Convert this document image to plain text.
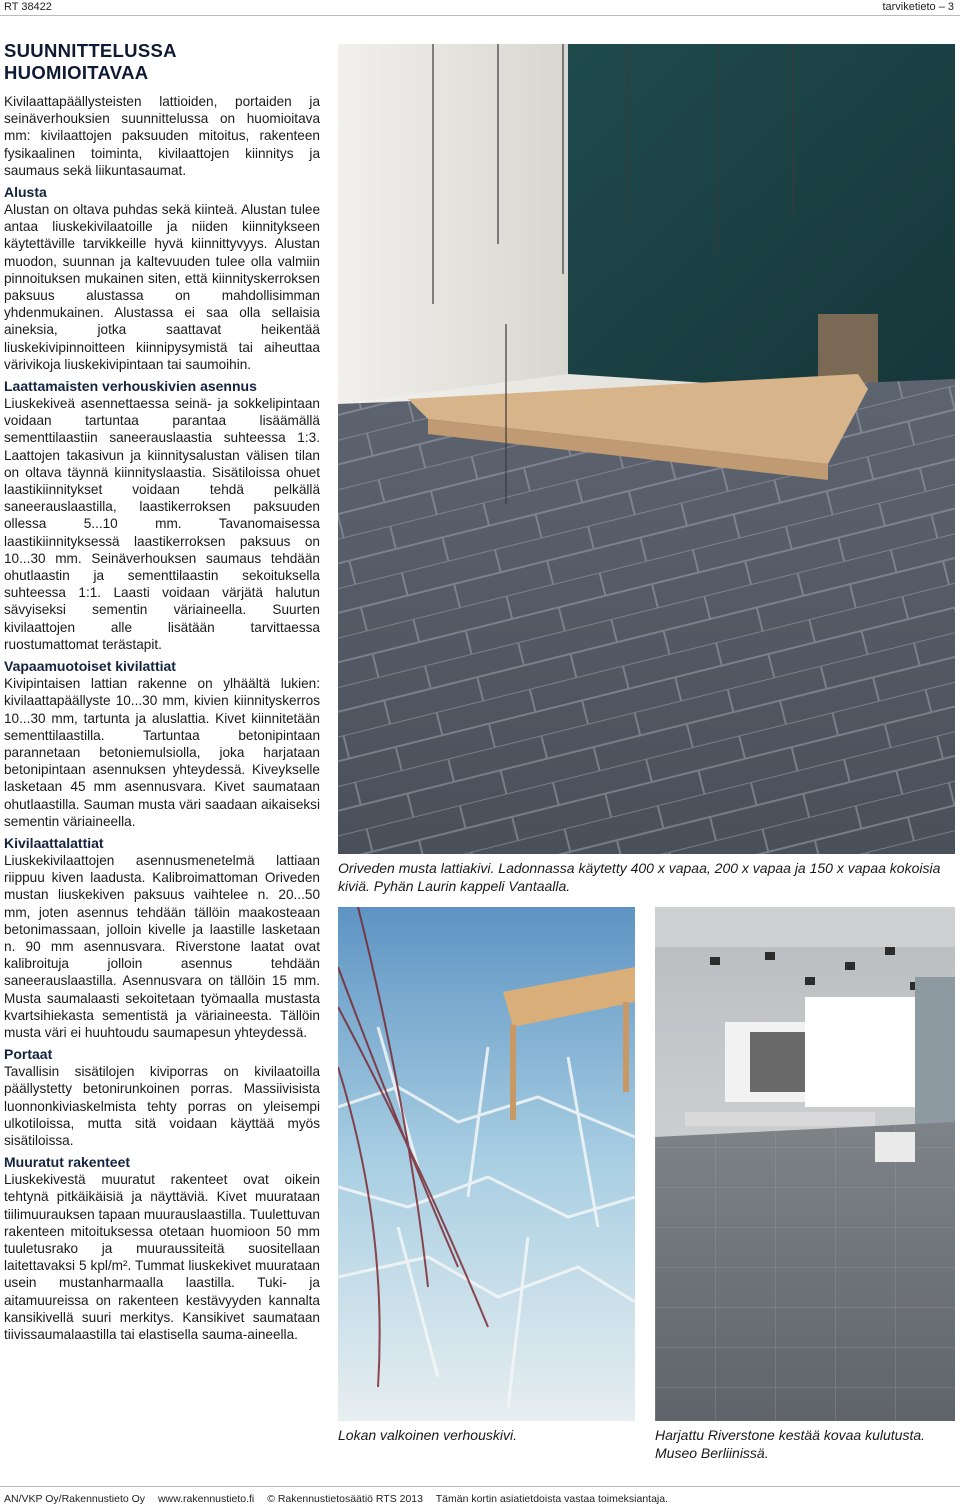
RT 38422	tarviketieto – 3
SUUNNITTELUSSA HUOMIOITAVAA

Kivilaattapäällysteisten lattioiden, portaiden ja seinäverhouksien suunnittelussa on huomioitava mm: kivilaattojen paksuuden mitoitus, rakenteen fysikaalinen toiminta, kivilaattojen kiinnitys ja saumaus sekä liikuntasaumat.

Alusta

Alustan on oltava puhdas sekä kiinteä. Alustan tulee antaa liuskekivilaatoille ja niiden kiinnitykseen käytettäville tarvikkeille hyvä kiinnittyvyys. Alustan muodon, suunnan ja kaltevuuden tulee olla valmiin pinnoituksen mukainen siten, että kiinnityskerroksen paksuus alustassa on mahdollisimman yhdenmukainen. Alustassa ei saa olla sellaisia aineksia, jotka saattavat heikentää liuskekivipinnoitteen kiinnipysymistä tai aiheuttaa värivikoja liuskekivipintaan tai saumoihin.

Laattamaisten verhouskivien asennus

Liuskekiveä asennettaessa seinä- ja sokkelipintaan voidaan tartuntaa parantaa lisäämällä sementtilaastiin saneerauslaastia suhteessa 1:3. Laattojen takasivun ja kiinnitysalustan välisen tilan on oltava täynnä kiinnityslaastia. Sisätiloissa ohuet laastikiinnitykset voidaan tehdä pelkällä saneerauslaastilla, laastikerroksen paksuuden ollessa 5...10 mm. Tavanomaisessa laastikiinnityksessä laastikerroksen paksuus on 10...30 mm. Seinäverhouksen saumaus tehdään ohutlaastin ja sementtilaastin sekoituksella suhteessa 1:1. Laasti voidaan värjätä halutun sävyiseksi sementin väriaineella. Suurten kivilaattojen alle lisätään tarvittaessa ruostumattomat terästapit.

Vapaamuotoiset kivilattiat

Kivipintaisen lattian rakenne on ylhäältä lukien: kivilaattapäällyste 10...30 mm, kivien kiinnityskerros 10...30 mm, tartunta ja aluslattia. Kivet kiinnitetään sementtilaastilla. Tartuntaa betonipintaan parannetaan betoniemulsiolla, joka harjataan betonipintaan asennuksen yhteydessä. Kiveykselle lasketaan 45 mm asennusvara. Kivet saumataan ohutlaastilla. Sauman musta väri saadaan aikaiseksi sementin väriaineella.

Kivilaattalattiat

Liuskekivilaattojen asennusmenetelmä lattiaan riippuu kiven laadusta. Kalibroimattoman Oriveden mustan liuskekiven paksuus vaihtelee n. 20...50 mm, joten asennus tehdään tällöin maakosteaan betonimassaan, jolloin kivelle ja laastille lasketaan n. 90 mm asennusvara. Riverstone laatat ovat kalibroituja jolloin asennus tehdään saneerauslaastilla. Asennusvara on tällöin 15 mm. Musta saumalaasti sekoitetaan työmaalla mustasta kvartsihiekasta sementistä ja väriaineesta. Tällöin musta väri ei huuhtoudu saumapesun yhteydessä.

Portaat

Tavallisin sisätilojen kiviporras on kivilaatoilla päällystetty betonirunkoinen porras. Massiivisista luonnonkiviaskelmista tehty porras on yleisempi ulkotiloissa, mutta sitä voidaan käyttää myös sisätiloissa.

Muuratut rakenteet

Liuskekivestä muuratut rakenteet ovat oikein tehtynä pitkäikäisiä ja näyttäviä. Kivet muurataan tiilimuurauksen tapaan muurauslaastilla. Tuulettuvan rakenteen mitoituksessa otetaan huomioon 50 mm tuuletusrako ja muuraussiteitä suositellaan laitettavaksi 5 kpl/m². Tummat liuskekivet muurataan usein mustanharmaalla laastilla. Tuki- ja aitamuureissa on rakenteen kestävyyden kannalta kansikivellä suuri merkitys. Kansikivet saumataan tiivissaumalaastilla tai elastisella sauma-aineella.

Oriveden musta lattiakivi. Ladonnassa käytetty 400 x vapaa, 200 x vapaa ja 150 x vapaa kokoisia kiviä. Pyhän Laurin kappeli Vantaalla.
Lokan valkoinen verhouskivi.	Harjattu Riverstone kestää kovaa kulutusta. Museo Berliinissä.
AN/VKP Oy/Rakennustieto Oy www.rakennustieto.fi © Rakennustietosäätiö RTS 2013 Tämän kortin asiatietdoista vastaa toimeksiantaja.
